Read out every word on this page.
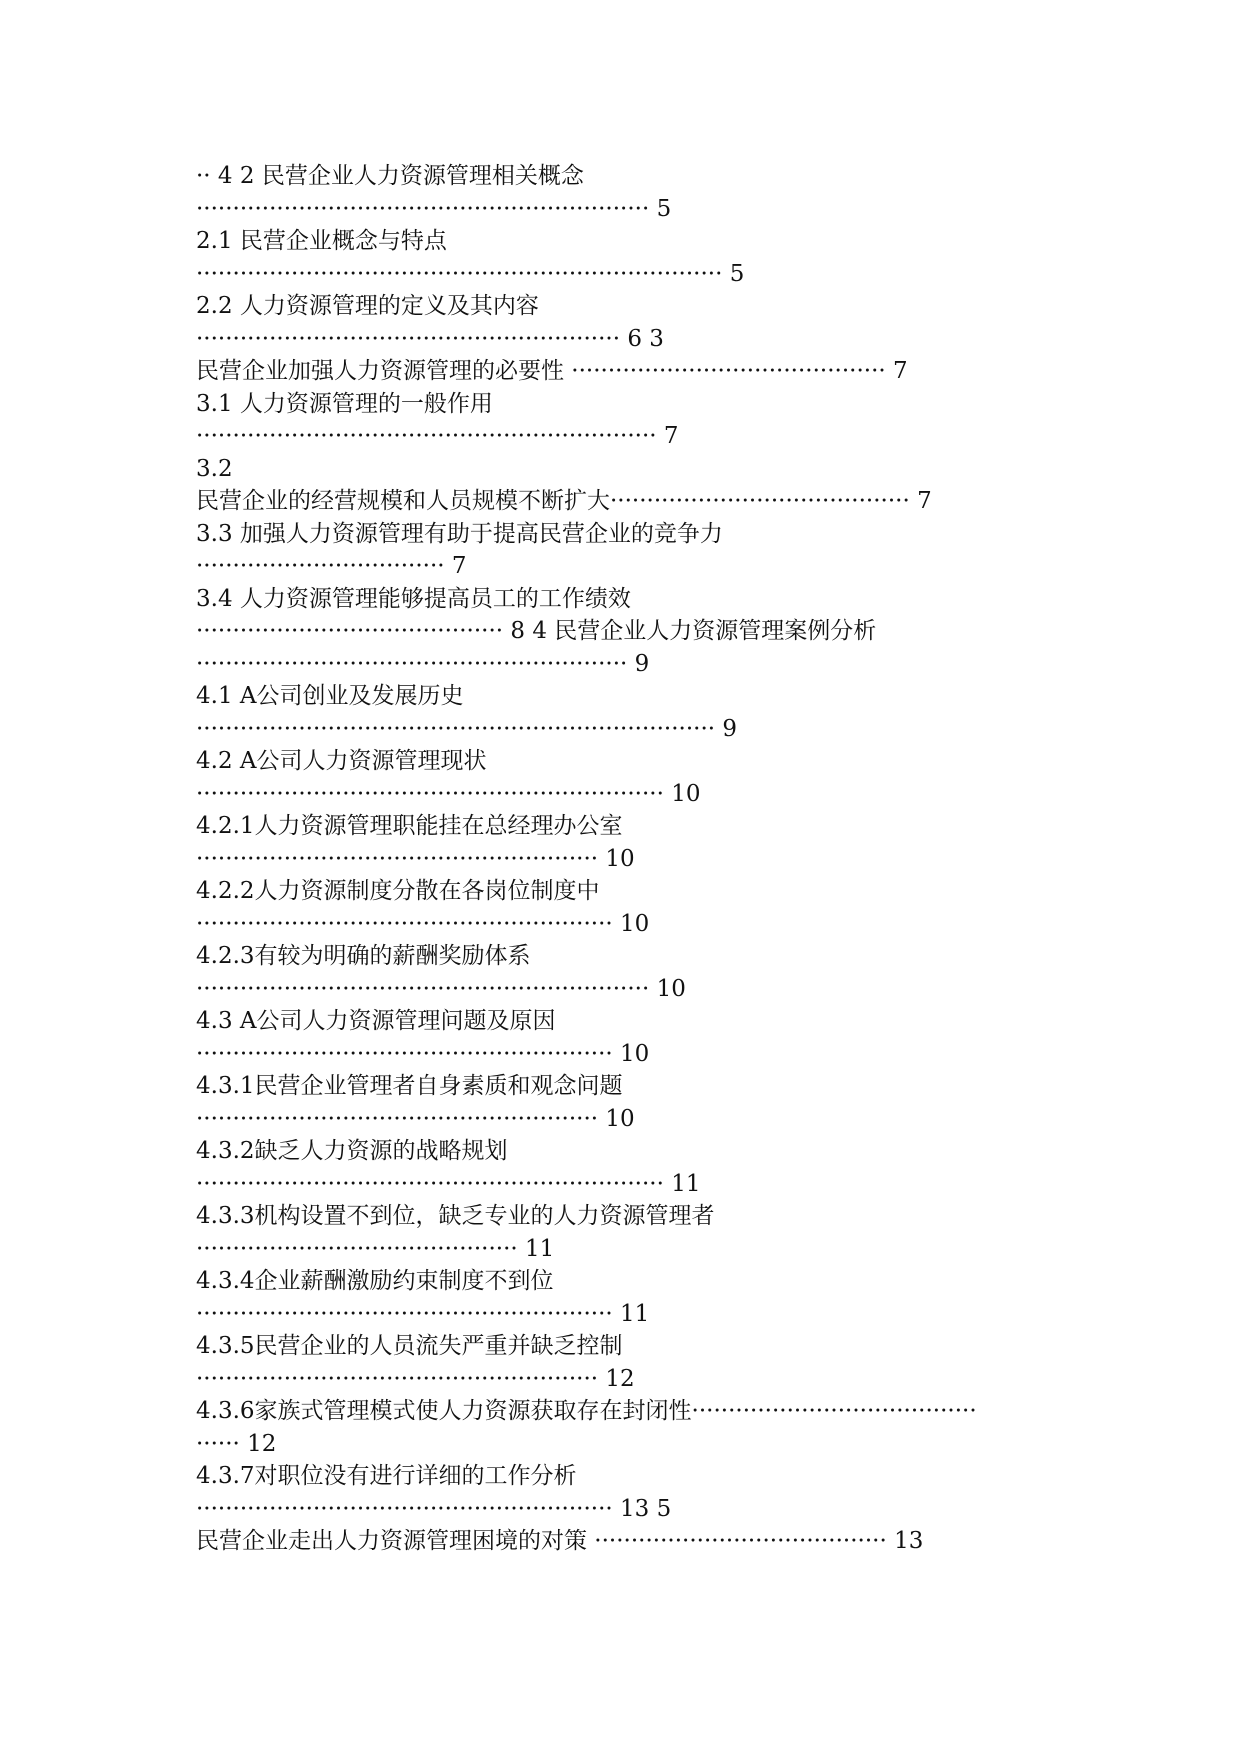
·· 4 2 民营企业人力资源管理相关概念
······························································ 5
2.1 民营企业概念与特点
········································································ 5
2.2 人力资源管理的定义及其内容
·························································· 6 3
民营企业加强人力资源管理的必要性 ··········································· 7
3.1 人力资源管理的一般作用
······························································· 7
3.2
民营企业的经营规模和人员规模不断扩大········································· 7
3.3 加强人力资源管理有助于提高民营企业的竞争力
·································· 7
3.4 人力资源管理能够提高员工的工作绩效
·········································· 8 4 民营企业人力资源管理案例分析
··························································· 9
4.1 A公司创业及发展历史
······································································· 9
4.2 A公司人力资源管理现状
································································ 10
4.2.1人力资源管理职能挂在总经理办公室
······················································· 10
4.2.2人力资源制度分散在各岗位制度中
························································· 10
4.2.3有较为明确的薪酬奖励体系
······························································ 10
4.3 A公司人力资源管理问题及原因
························································· 10
4.3.1民营企业管理者自身素质和观念问题
······················································· 10
4.3.2缺乏人力资源的战略规划
································································ 11
4.3.3机构设置不到位，缺乏专业的人力资源管理者
············································ 11
4.3.4企业薪酬激励约束制度不到位
························································· 11
4.3.5民营企业的人员流失严重并缺乏控制
······················································· 12
4.3.6家族式管理模式使人力资源获取存在封闭性·······································
······ 12
4.3.7对职位没有进行详细的工作分析
························································· 13 5
民营企业走出人力资源管理困境的对策 ········································ 13
